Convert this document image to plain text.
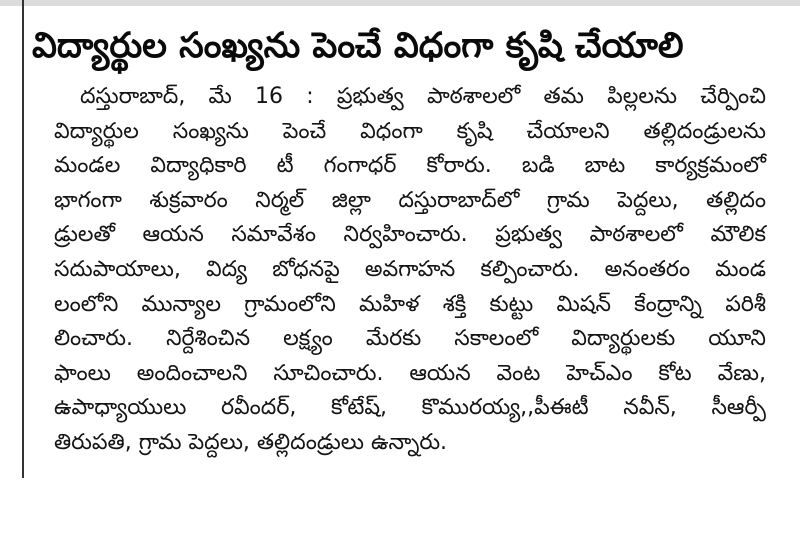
విద్యార్థుల సంఖ్యను పెంచే విధంగా కృషి చేయాలి
దస్తురాబాద్, మే 16 : ప్రభుత్వ పాఠశాలలో తమ పిల్లలను చేర్పించి
విద్యార్థుల సంఖ్యను పెంచే విధంగా కృషి చేయాలని తల్లిదండ్రులను
మండల విద్యాధికారి టీ గంగాధర్ కోరారు. బడి బాట కార్యక్రమంలో
భాగంగా శుక్రవారం నిర్మల్ జిల్లా దస్తురాబాద్‌లో గ్రామ పెద్దలు, తల్లిదం
డ్రులతో ఆయన సమావేశం నిర్వహించారు. ప్రభుత్వ పాఠశాలలో మౌలిక
సదుపాయాలు, విద్య బోధనపై అవగాహన కల్పించారు. అనంతరం మండ
లంలోని మున్యాల గ్రామంలోని మహిళ శక్తి కుట్టు మిషన్ కేంద్రాన్ని పరిశీ
లించారు. నిర్దేశించిన లక్ష్యం మేరకు సకాలంలో విద్యార్థులకు యూని
ఫాంలు అందించాలని సూచించారు. ఆయన వెంట హెచ్ఎం కోట వేణు,
ఉపాధ్యాయులు రవీందర్, కోటేష్, కొమురయ్య,,పీఈటీ నవీన్, సీఆర్పీ
తిరుపతి, గ్రామ పెద్దలు, తల్లిదండ్రులు ఉన్నారు.
